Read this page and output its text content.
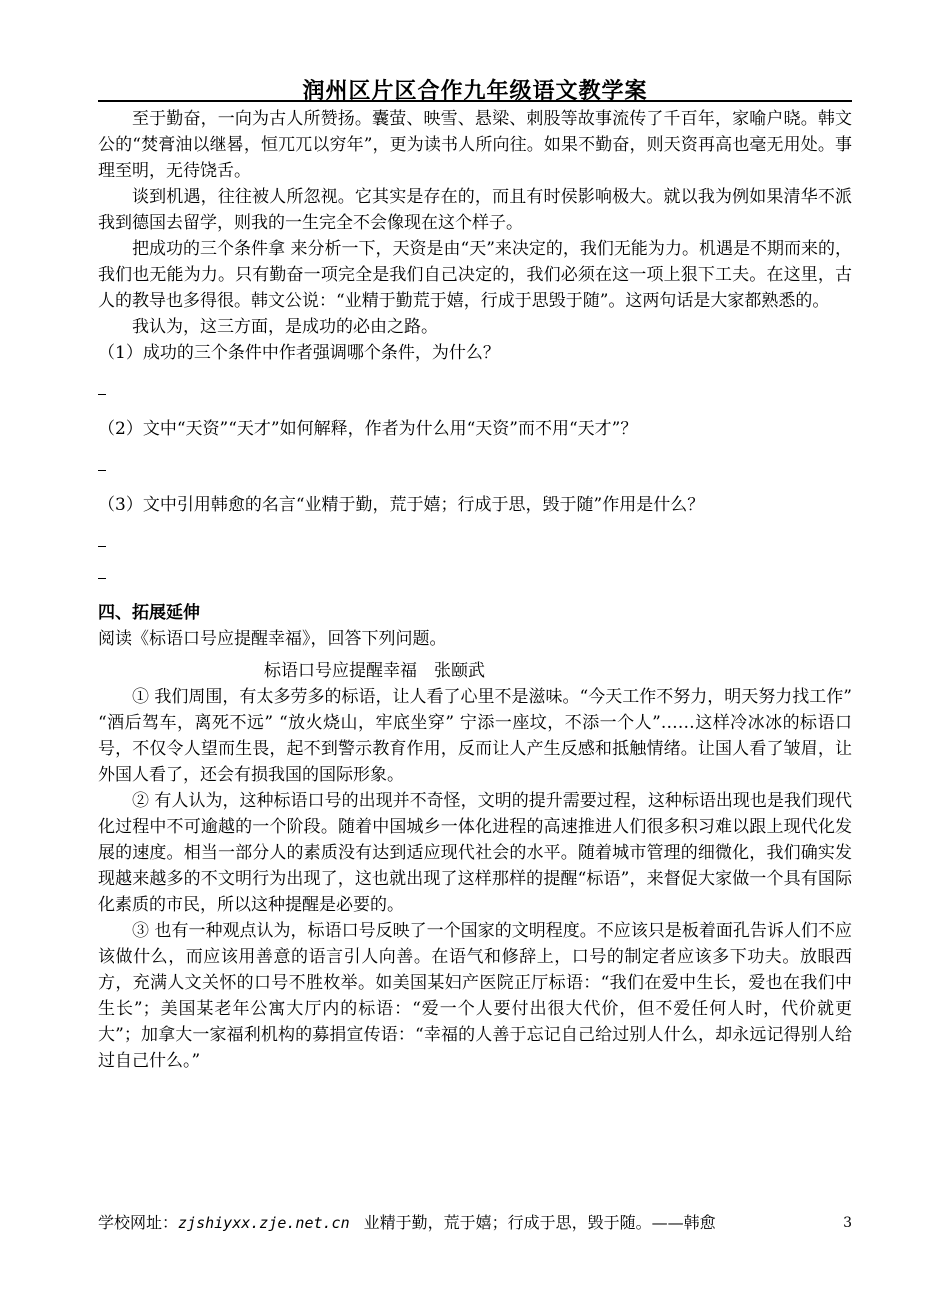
润州区片区合作九年级语文教学案

至于勤奋，一向为古人所赞扬。囊萤、映雪、悬梁、刺股等故事流传了千百年，家喻户晓。韩文公的“焚膏油以继晷，恒兀兀以穷年”，更为读书人所向往。如果不勤奋，则天资再高也毫无用处。事理至明，无待饶舌。

谈到机遇，往往被人所忽视。它其实是存在的，而且有时侯影响极大。就以我为例如果清华不派我到德国去留学，则我的一生完全不会像现在这个样子。

把成功的三个条件拿 来分析一下，天资是由“天”来决定的，我们无能为力。机遇是不期而来的，我们也无能为力。只有勤奋一项完全是我们自己决定的，我们必须在这一项上狠下工夫。在这里，古人的教导也多得很。韩文公说：“业精于勤荒于嬉，行成于思毁于随”。这两句话是大家都熟悉的。

我认为，这三方面，是成功的必由之路。

（1）成功的三个条件中作者强调哪个条件，为什么？

（2）文中“天资”“天才”如何解释，作者为什么用“天资”而不用“天才”？

（3）文中引用韩愈的名言“业精于勤，荒于嬉；行成于思，毁于随”作用是什么？

四、拓展延伸

阅读《标语口号应提醒幸福》，回答下列问题。

标语口号应提醒幸福　张颐武

① 我们周围，有太多劳多的标语，让人看了心里不是滋味。“今天工作不努力，明天努力找工作” “酒后驾车，离死不远” “放火烧山，牢底坐穿” 宁添一座坟，不添一个人”……这样冷冰冰的标语口号，不仅令人望而生畏，起不到警示教育作用，反而让人产生反感和抵触情绪。让国人看了皱眉，让外国人看了，还会有损我国的国际形象。

② 有人认为，这种标语口号的出现并不奇怪，文明的提升需要过程，这种标语出现也是我们现代化过程中不可逾越的一个阶段。随着中国城乡一体化进程的高速推进人们很多积习难以跟上现代化发展的速度。相当一部分人的素质没有达到适应现代社会的水平。随着城市管理的细微化，我们确实发现越来越多的不文明行为出现了，这也就出现了这样那样的提醒“标语”，来督促大家做一个具有国际化素质的市民，所以这种提醒是必要的。

③ 也有一种观点认为，标语口号反映了一个国家的文明程度。不应该只是板着面孔告诉人们不应该做什么，而应该用善意的语言引人向善。在语气和修辞上，口号的制定者应该多下功夫。放眼西方，充满人文关怀的口号不胜枚举。如美国某妇产医院正厅标语：“我们在爱中生长，爱也在我们中生长”；美国某老年公寓大厅内的标语：“爱一个人要付出很大代价，但不爱任何人时，代价就更大”；加拿大一家福利机构的募捐宣传语：“幸福的人善于忘记自己给过别人什么，却永远记得别人给过自己什么。”

学校网址：zjshiyxx.zje.net.cn 业精于勤，荒于嬉；行成于思，毁于随。——韩愈	3
